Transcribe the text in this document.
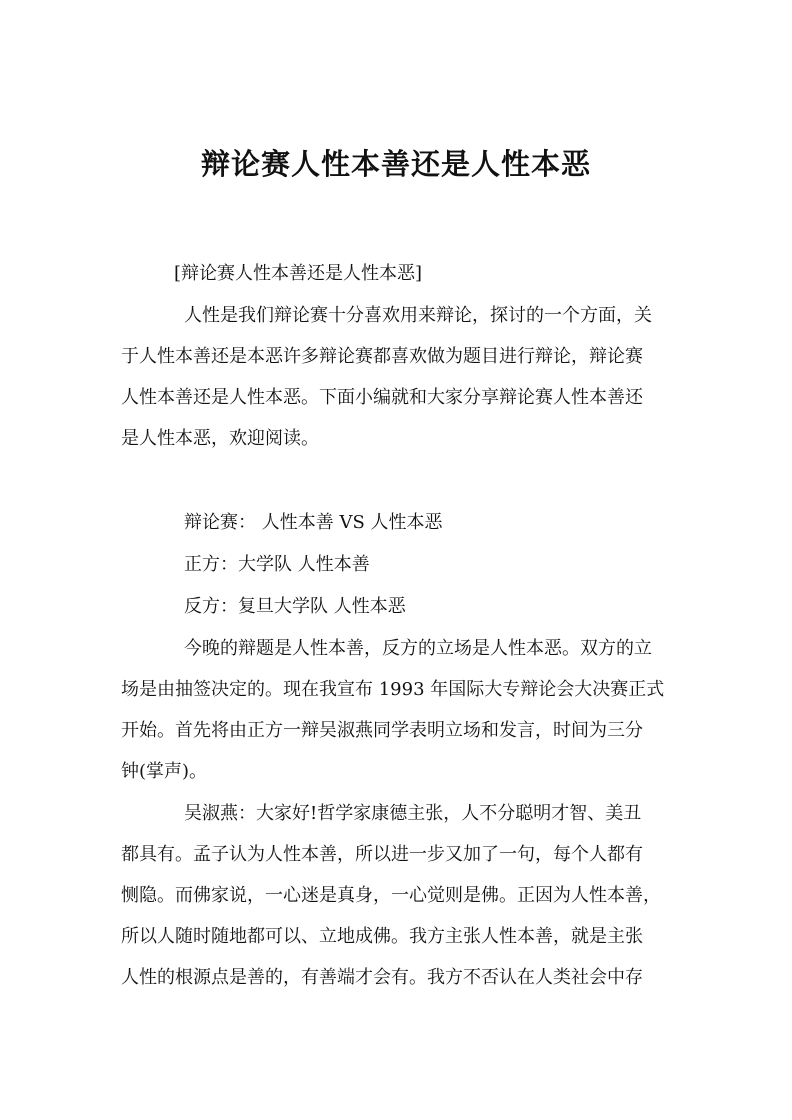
辩论赛人性本善还是人性本恶

[辩论赛人性本善还是人性本恶]

人性是我们辩论赛十分喜欢用来辩论，探讨的一个方面，关

于人性本善还是本恶许多辩论赛都喜欢做为题目进行辩论，辩论赛

人性本善还是人性本恶。下面小编就和大家分享辩论赛人性本善还

是人性本恶，欢迎阅读。

辩论赛： 人性本善 VS 人性本恶

正方：大学队 人性本善

反方：复旦大学队 人性本恶

今晚的辩题是人性本善，反方的立场是人性本恶。双方的立

场是由抽签决定的。现在我宣布 1993 年国际大专辩论会大决赛正式

开始。首先将由正方一辩吴淑燕同学表明立场和发言，时间为三分

钟(掌声)。

吴淑燕：大家好!哲学家康德主张，人不分聪明才智、美丑

都具有。孟子认为人性本善，所以进一步又加了一句，每个人都有

恻隐。而佛家说，一心迷是真身，一心觉则是佛。正因为人性本善，

所以人随时随地都可以、立地成佛。我方主张人性本善，就是主张

人性的根源点是善的，有善端才会有。我方不否认在人类社会中存
